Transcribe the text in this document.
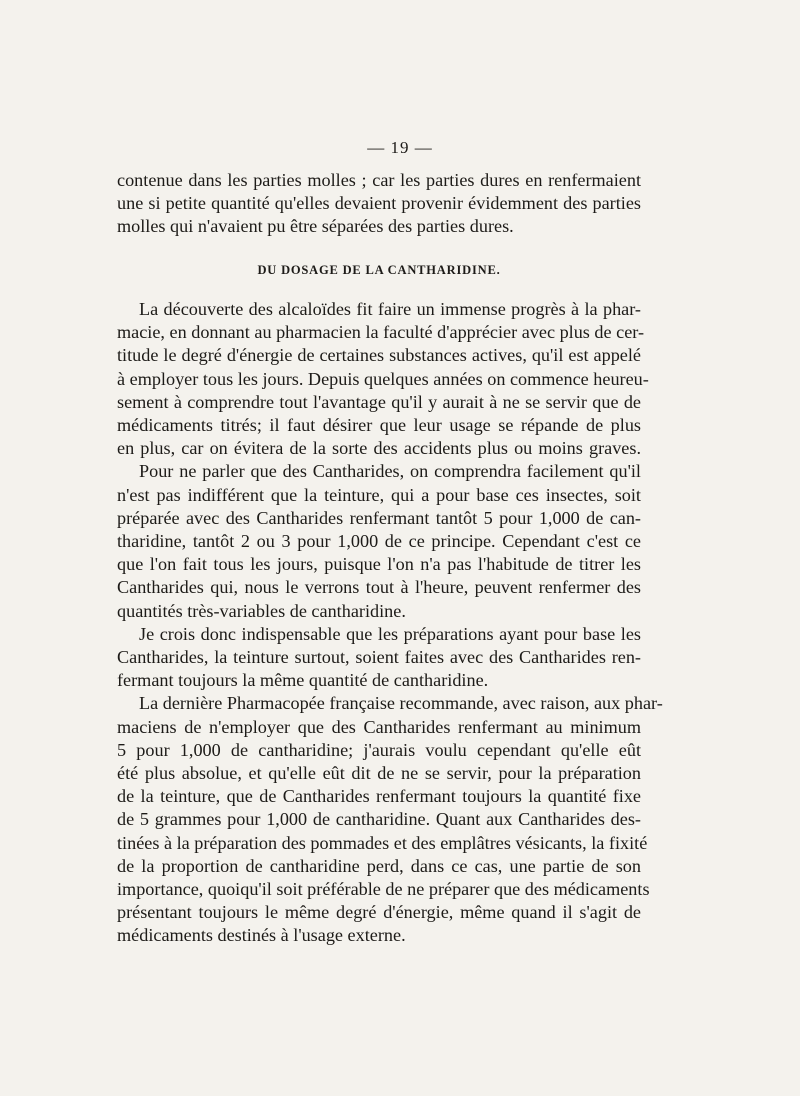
— 19 —
contenue dans les parties molles ; car les parties dures en renfermaient
une si petite quantité qu'elles devaient provenir évidemment des parties
molles qui n'avaient pu être séparées des parties dures.
DU DOSAGE DE LA CANTHARIDINE.
La découverte des alcaloïdes fit faire un immense progrès à la phar-
macie, en donnant au pharmacien la faculté d'apprécier avec plus de cer-
titude le degré d'énergie de certaines substances actives, qu'il est appelé
à employer tous les jours. Depuis quelques années on commence heureu-
sement à comprendre tout l'avantage qu'il y aurait à ne se servir que de
médicaments titrés; il faut désirer que leur usage se répande de plus
en plus, car on évitera de la sorte des accidents plus ou moins graves.
Pour ne parler que des Cantharides, on comprendra facilement qu'il
n'est pas indifférent que la teinture, qui a pour base ces insectes, soit
préparée avec des Cantharides renfermant tantôt 5 pour 1,000 de can-
tharidine, tantôt 2 ou 3 pour 1,000 de ce principe. Cependant c'est ce
que l'on fait tous les jours, puisque l'on n'a pas l'habitude de titrer les
Cantharides qui, nous le verrons tout à l'heure, peuvent renfermer des
quantités très-variables de cantharidine.
Je crois donc indispensable que les préparations ayant pour base les
Cantharides, la teinture surtout, soient faites avec des Cantharides ren-
fermant toujours la même quantité de cantharidine.
La dernière Pharmacopée française recommande, avec raison, aux phar-
maciens de n'employer que des Cantharides renfermant au minimum
5 pour 1,000 de cantharidine; j'aurais voulu cependant qu'elle eût
été plus absolue, et qu'elle eût dit de ne se servir, pour la préparation
de la teinture, que de Cantharides renfermant toujours la quantité fixe
de 5 grammes pour 1,000 de cantharidine. Quant aux Cantharides des-
tinées à la préparation des pommades et des emplâtres vésicants, la fixité
de la proportion de cantharidine perd, dans ce cas, une partie de son
importance, quoiqu'il soit préférable de ne préparer que des médicaments
présentant toujours le même degré d'énergie, même quand il s'agit de
médicaments destinés à l'usage externe.
